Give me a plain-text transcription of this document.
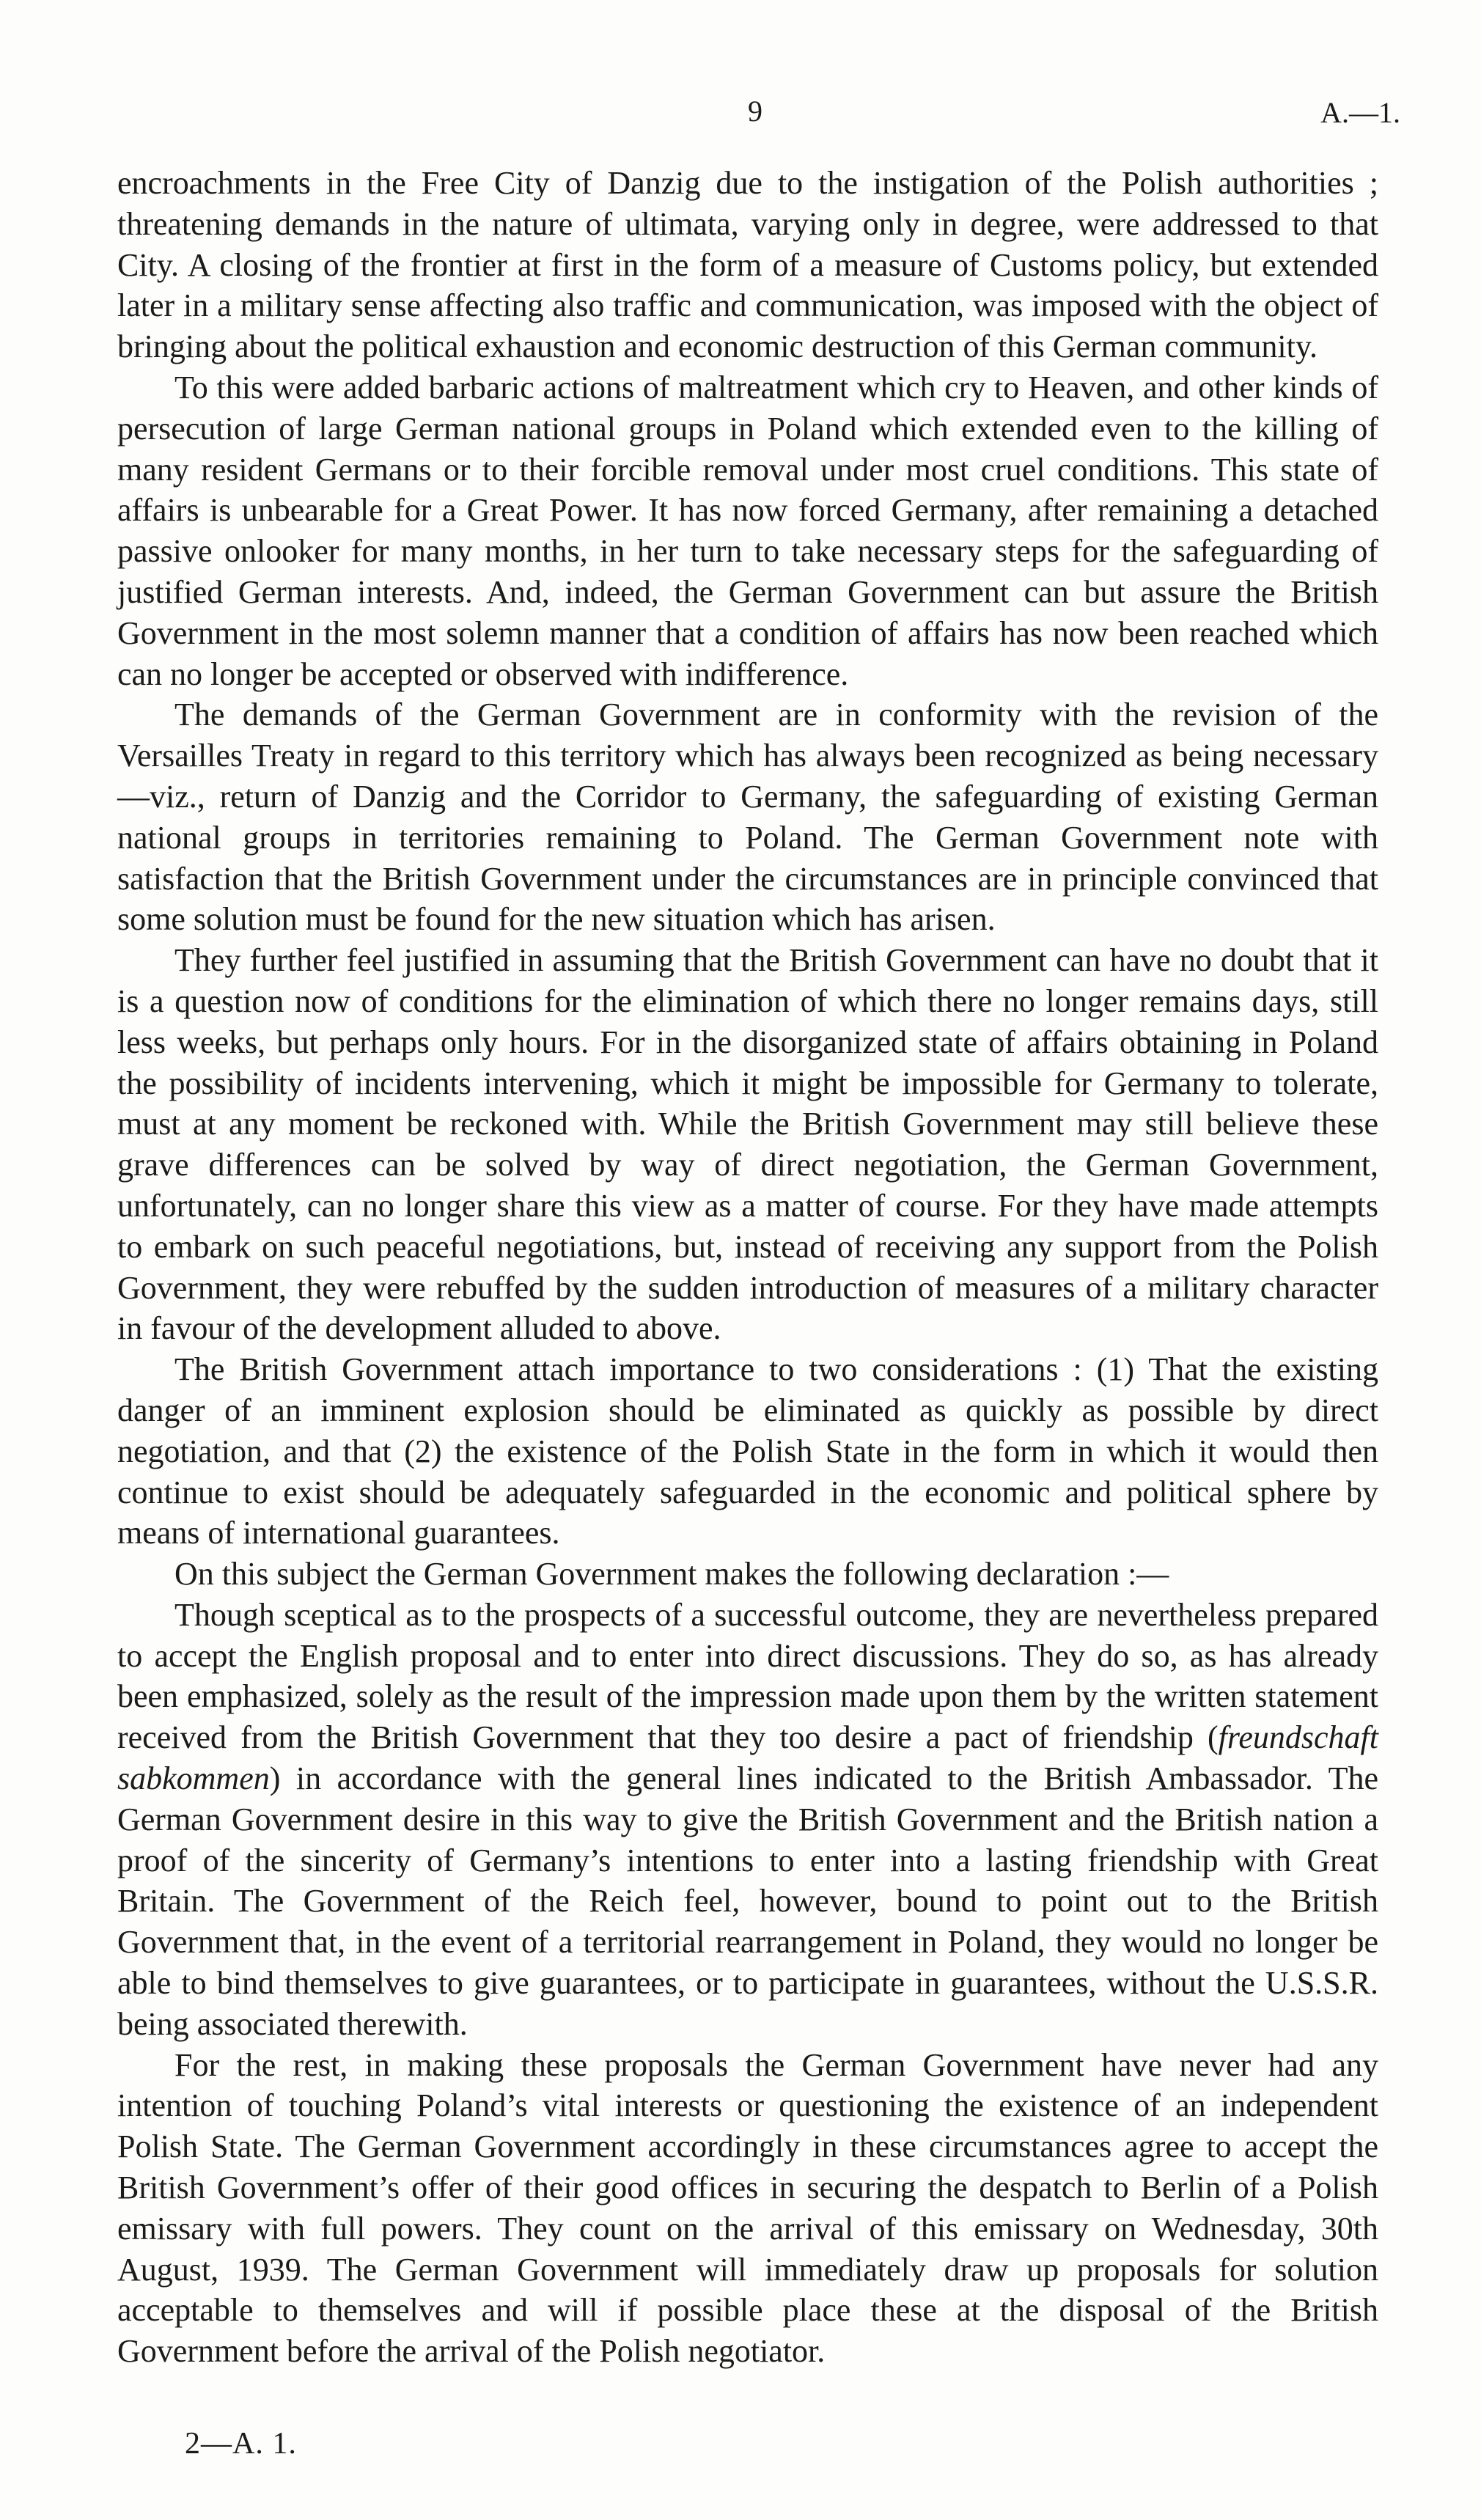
9	A.—1.

encroachments in the Free City of Danzig due to the instigation of the Polish authorities ; threatening demands in the nature of ultimata, varying only in degree, were addressed to that City. A closing of the frontier at first in the form of a measure of Customs policy, but extended later in a military sense affecting also traffic and communication, was imposed with the object of bringing about the political exhaustion and economic destruction of this German community.

To this were added barbaric actions of maltreatment which cry to Heaven, and other kinds of persecution of large German national groups in Poland which extended even to the killing of many resident Germans or to their forcible removal under most cruel conditions. This state of affairs is unbearable for a Great Power. It has now forced Germany, after remaining a detached passive onlooker for many months, in her turn to take necessary steps for the safeguarding of justified German interests. And, indeed, the German Government can but assure the British Government in the most solemn manner that a condition of affairs has now been reached which can no longer be accepted or observed with indifference.

The demands of the German Government are in conformity with the revision of the Versailles Treaty in regard to this territory which has always been recognized as being necessary—viz., return of Danzig and the Corridor to Germany, the safeguarding of existing German national groups in territories remaining to Poland. The German Government note with satisfaction that the British Government under the circumstances are in principle convinced that some solution must be found for the new situation which has arisen.

They further feel justified in assuming that the British Government can have no doubt that it is a question now of conditions for the elimination of which there no longer remains days, still less weeks, but perhaps only hours. For in the disorganized state of affairs obtaining in Poland the possibility of incidents intervening, which it might be impossible for Germany to tolerate, must at any moment be reckoned with. While the British Government may still believe these grave differences can be solved by way of direct negotiation, the German Government, unfortunately, can no longer share this view as a matter of course. For they have made attempts to embark on such peaceful negotiations, but, instead of receiving any support from the Polish Government, they were rebuffed by the sudden introduction of measures of a military character in favour of the development alluded to above.

The British Government attach importance to two considerations : (1) That the existing danger of an imminent explosion should be eliminated as quickly as possible by direct negotiation, and that (2) the existence of the Polish State in the form in which it would then continue to exist should be adequately safeguarded in the economic and political sphere by means of international guarantees.

On this subject the German Government makes the following declaration :—

Though sceptical as to the prospects of a successful outcome, they are nevertheless prepared to accept the English proposal and to enter into direct discussions. They do so, as has already been emphasized, solely as the result of the impression made upon them by the written statement received from the British Government that they too desire a pact of friendship (freundschaft sabkommen) in accordance with the general lines indicated to the British Ambassador. The German Government desire in this way to give the British Government and the British nation a proof of the sincerity of Germany’s intentions to enter into a lasting friendship with Great Britain. The Government of the Reich feel, however, bound to point out to the British Government that, in the event of a territorial rearrangement in Poland, they would no longer be able to bind themselves to give guarantees, or to participate in guarantees, without the U.S.S.R. being associated therewith.

For the rest, in making these proposals the German Government have never had any intention of touching Poland’s vital interests or questioning the existence of an independent Polish State. The German Government accordingly in these circumstances agree to accept the British Government’s offer of their good offices in securing the despatch to Berlin of a Polish emissary with full powers. They count on the arrival of this emissary on Wednesday, 30th August, 1939. The German Government will immediately draw up proposals for solution acceptable to themselves and will if possible place these at the disposal of the British Government before the arrival of the Polish negotiator.

2—A. 1.
